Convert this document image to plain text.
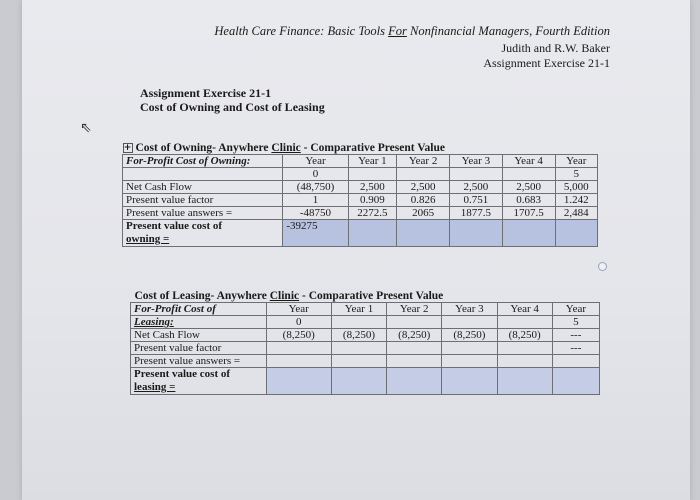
Health Care Finance: Basic Tools For Nonfinancial Managers, Fourth Edition
Judith and R.W. Baker
Assignment Exercise 21-1
Assignment Exercise 21-1
Cost of Owning and Cost of Leasing
⇖
+ Cost of Owning- Anywhere Clinic - Comparative Present Value						
For-Profit Cost of Owning:	Year	Year 1	Year 2	Year 3	Year 4	Year
	0					5
Net Cash Flow	(48,750)	2,500	2,500	2,500	2,500	5,000
Present value factor	1	0.909	0.826	0.751	0.683	1.242
Present value answers =	-48750	2272.5	2065	1877.5	1707.5	2,484

Present value cost of
owning =	-39275					
Cost of Leasing- Anywhere Clinic - Comparative Present Value						
For-Profit Cost of	Year	Year 1	Year 2	Year 3	Year 4	Year
Leasing:	0					5
Net Cash Flow	(8,250)	(8,250)	(8,250)	(8,250)	(8,250)	---
Present value factor						---
Present value answers =						

Present value cost of
leasing =						
